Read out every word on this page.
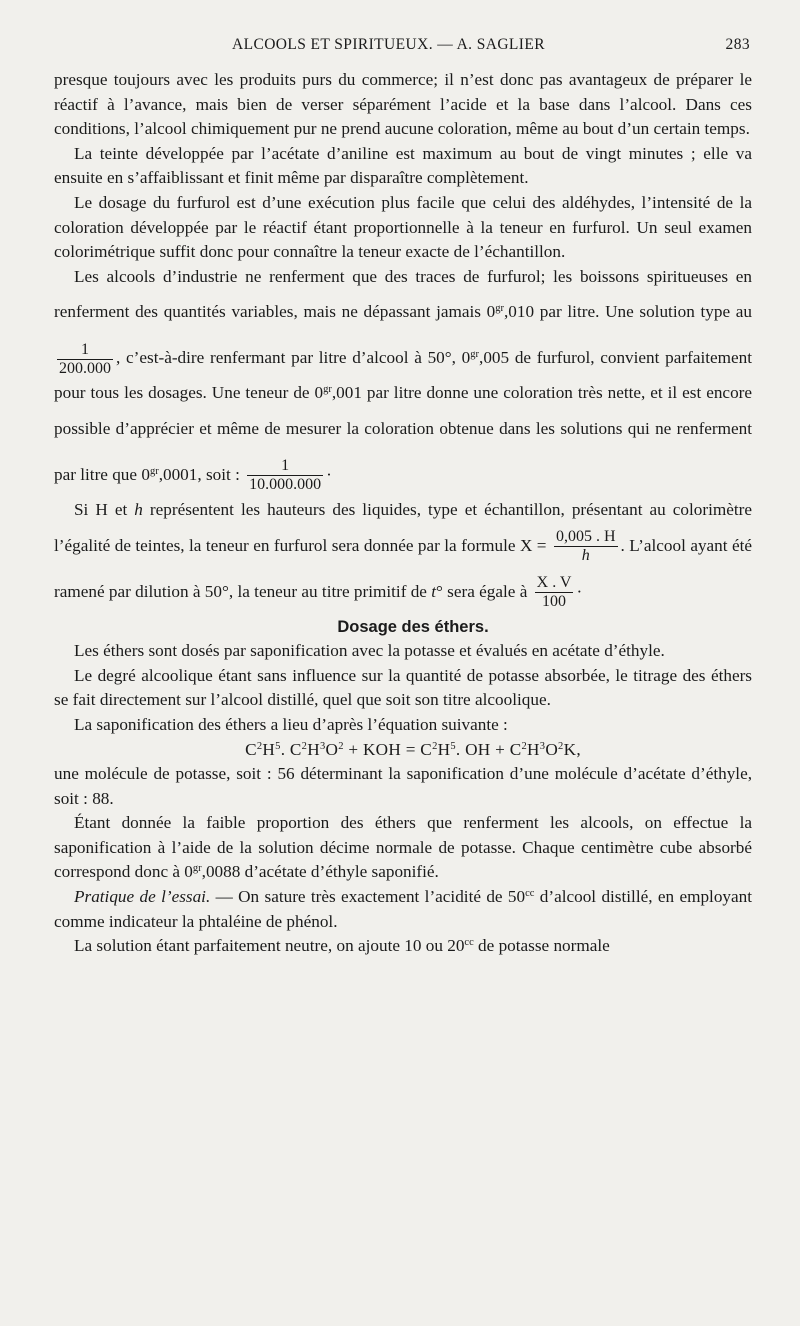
ALCOOLS ET SPIRITUEUX. — A. SAGLIER	283

presque toujours avec les produits purs du commerce; il n’est donc pas avantageux de préparer le réactif à l’avance, mais bien de verser séparément l’acide et la base dans l’alcool. Dans ces conditions, l’alcool chimiquement pur ne prend aucune coloration, même au bout d’un certain temps.

La teinte développée par l’acétate d’aniline est maximum au bout de vingt minutes ; elle va ensuite en s’affaiblissant et finit même par disparaître complètement.

Le dosage du furfurol est d’une exécution plus facile que celui des aldéhydes, l’intensité de la coloration développée par le réactif étant proportionnelle à la teneur en furfurol. Un seul examen colorimétrique suffit donc pour connaître la teneur exacte de l’échantillon.

Les alcools d’industrie ne renferment que des traces de furfurol; les boissons spiritueuses en renferment des quantités variables, mais ne dépassant jamais $0^{gr},010$ par litre. Une solution type au
$\frac{1}{200.000}$ , c’est-à-dire renfermant par litre d’alcool à 50°, $0^{gr},005$ de furfurol, convient parfaitement pour tous les dosages. Une teneur de $0^{gr},001$ par litre donne une coloration très nette, et il est encore possible d’apprécier et même de mesurer la coloration obtenue dans les solutions qui ne renferment par litre que $0^{gr},0001$, soit : $\frac{1}{10.000.000}$ ·

Si H et h représentent les hauteurs des liquides, type et échantillon, présentant au colorimètre l’égalité de teintes, la teneur en furfurol sera donnée par la formule $X = \frac{0,005 . H}{h}$ . L’alcool ayant été ramené par dilution à 50°, la teneur au titre primitif de t° sera égale à $\frac{X . V}{100}$ ·

Dosage des éthers.

Les éthers sont dosés par saponification avec la potasse et évalués en acétate d’éthyle.

Le degré alcoolique étant sans influence sur la quantité de potasse absorbée, le titrage des éthers se fait directement sur l’alcool distillé, quel que soit son titre alcoolique.

La saponification des éthers a lieu d’après l’équation suivante :

$C^2H^5$. $C^2H^3O^2$ + KOH = $C^2H^5$. OH + $C^2H^3O^2K$,

une molécule de potasse, soit : 56 déterminant la saponification d’une molécule d’acétate d’éthyle, soit : 88.

Étant donnée la faible proportion des éthers que renferment les alcools, on effectue la saponification à l’aide de la solution décime normale de potasse. Chaque centimètre cube absorbé correspond donc à $0^{gr},0088$ d’acétate d’éthyle saponifié.

Pratique de l’essai. — On sature très exactement l’acidité de $50^{cc}$ d’alcool distillé, en employant comme indicateur la phtaléine de phénol.

La solution étant parfaitement neutre, on ajoute 10 ou $20^{cc}$ de potasse normale
